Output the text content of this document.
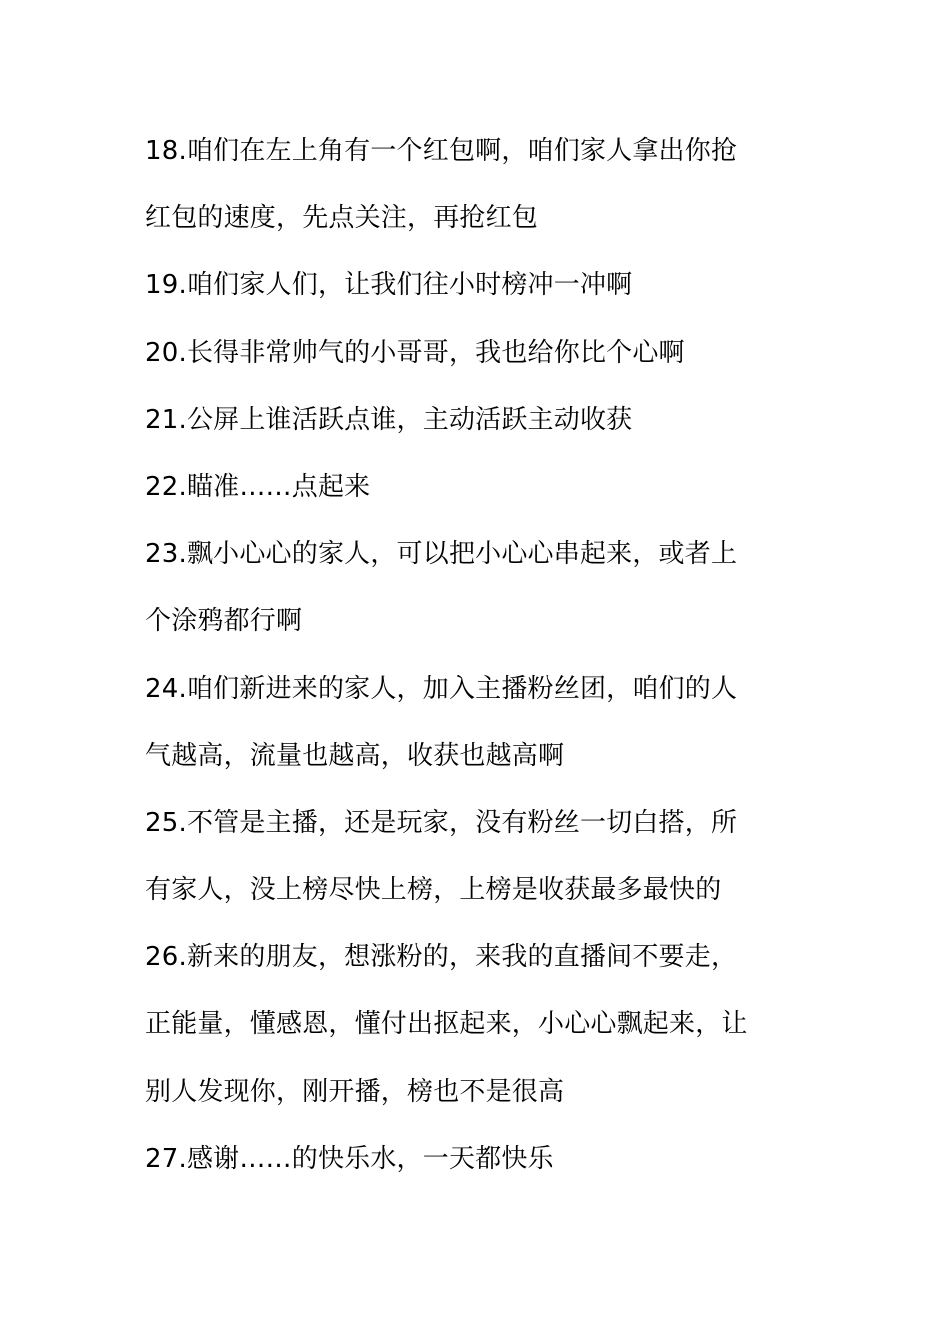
18.咱们在左上角有一个红包啊，咱们家人拿出你抢
红包的速度，先点关注，再抢红包
19.咱们家人们，让我们往小时榜冲一冲啊
20.长得非常帅气的小哥哥，我也给你比个心啊
21.公屏上谁活跃点谁，主动活跃主动收获
22.瞄准……点起来
23.飘小心心的家人，可以把小心心串起来，或者上
个涂鸦都行啊
24.咱们新进来的家人，加入主播粉丝团，咱们的人
气越高，流量也越高，收获也越高啊
25.不管是主播，还是玩家，没有粉丝一切白搭，所
有家人，没上榜尽快上榜，上榜是收获最多最快的
26.新来的朋友，想涨粉的，来我的直播间不要走，
正能量，懂感恩，懂付出抠起来，小心心飘起来，让
别人发现你，刚开播，榜也不是很高
27.感谢……的快乐水，一天都快乐
